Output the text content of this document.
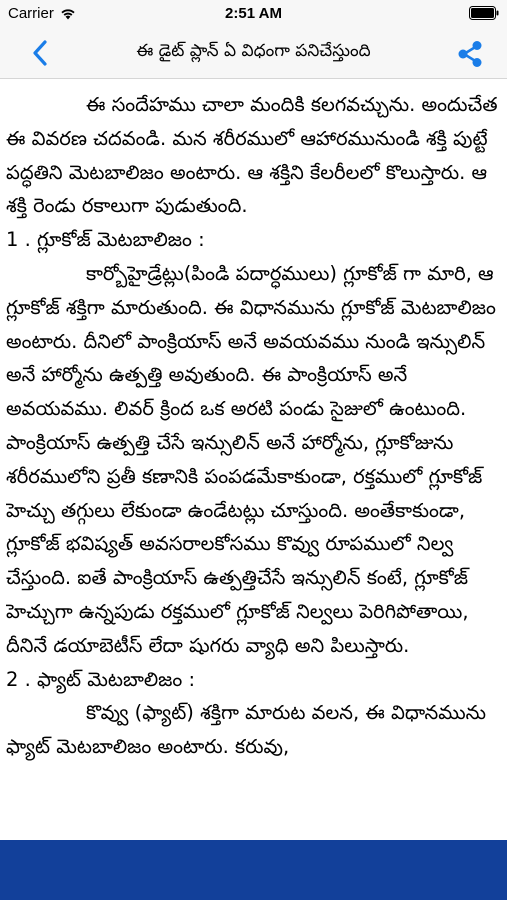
Carrier	2:51 AM
ఈ డైట్ ప్లాన్ ఏ విధంగా పనిచేస్తుంది

ఈ సందేహము చాలా మందికి కలగవచ్చును. అందుచేత ఈ వివరణ చదవండి. మన శరీరములో ఆహారమునుండి శక్తి పుట్టే పద్ధతిని మెటబాలిజం అంటారు. ఆ శక్తిని కేలరీలలో కొలుస్తారు. ఆ శక్తి రెండు రకాలుగా పుడుతుంది.

1 . గ్లూకోజ్ మెటబాలిజం :

కార్బోహైడ్రేట్లు(పిండి పదార్ధములు) గ్లూకోజ్ గా మారి, ఆ గ్లూకోజ్ శక్తిగా మారుతుంది. ఈ విధానమును గ్లూకోజ్ మెటబాలిజం అంటారు. దీనిలో పాంక్రియాస్ అనే అవయవము నుండి ఇన్సులిన్ అనే హార్మోను ఉత్పత్తి అవుతుంది. ఈ పాంక్రియాస్ అనే అవయవము. లివర్ క్రింద ఒక అరటి పండు సైజులో ఉంటుంది. పాంక్రియాస్ ఉత్పత్తి చేసే ఇన్సులిన్ అనే హార్మోను, గ్లూకోజును శరీరములోని ప్రతీ కణానికి పంపడమేకాకుండా, రక్తములో గ్లూకోజ్ హెచ్చు తగ్గులు లేకుండా ఉండేటట్లు చూస్తుంది. అంతేకాకుండా, గ్లూకోజ్ భవిష్యత్ అవసరాలకోసము కొవ్వు రూపములో నిల్వ చేస్తుంది. ఐతే పాంక్రియాస్ ఉత్పత్తిచేసే ఇన్సులిన్ కంటే, గ్లూకోజ్ హెచ్చుగా ఉన్నపుడు రక్తములో గ్లూకోజ్ నిల్వలు పెరిగిపోతాయి, దీనినే డయాబెటీస్ లేదా షుగరు వ్యాధి అని పిలుస్తారు.

2 . ఫ్యాట్ మెటబాలిజం :

కొవ్వు (ఫ్యాట్) శక్తిగా మారుట వలన, ఈ విధానమును ఫ్యాట్ మెటబాలిజం అంటారు. కరువు,
